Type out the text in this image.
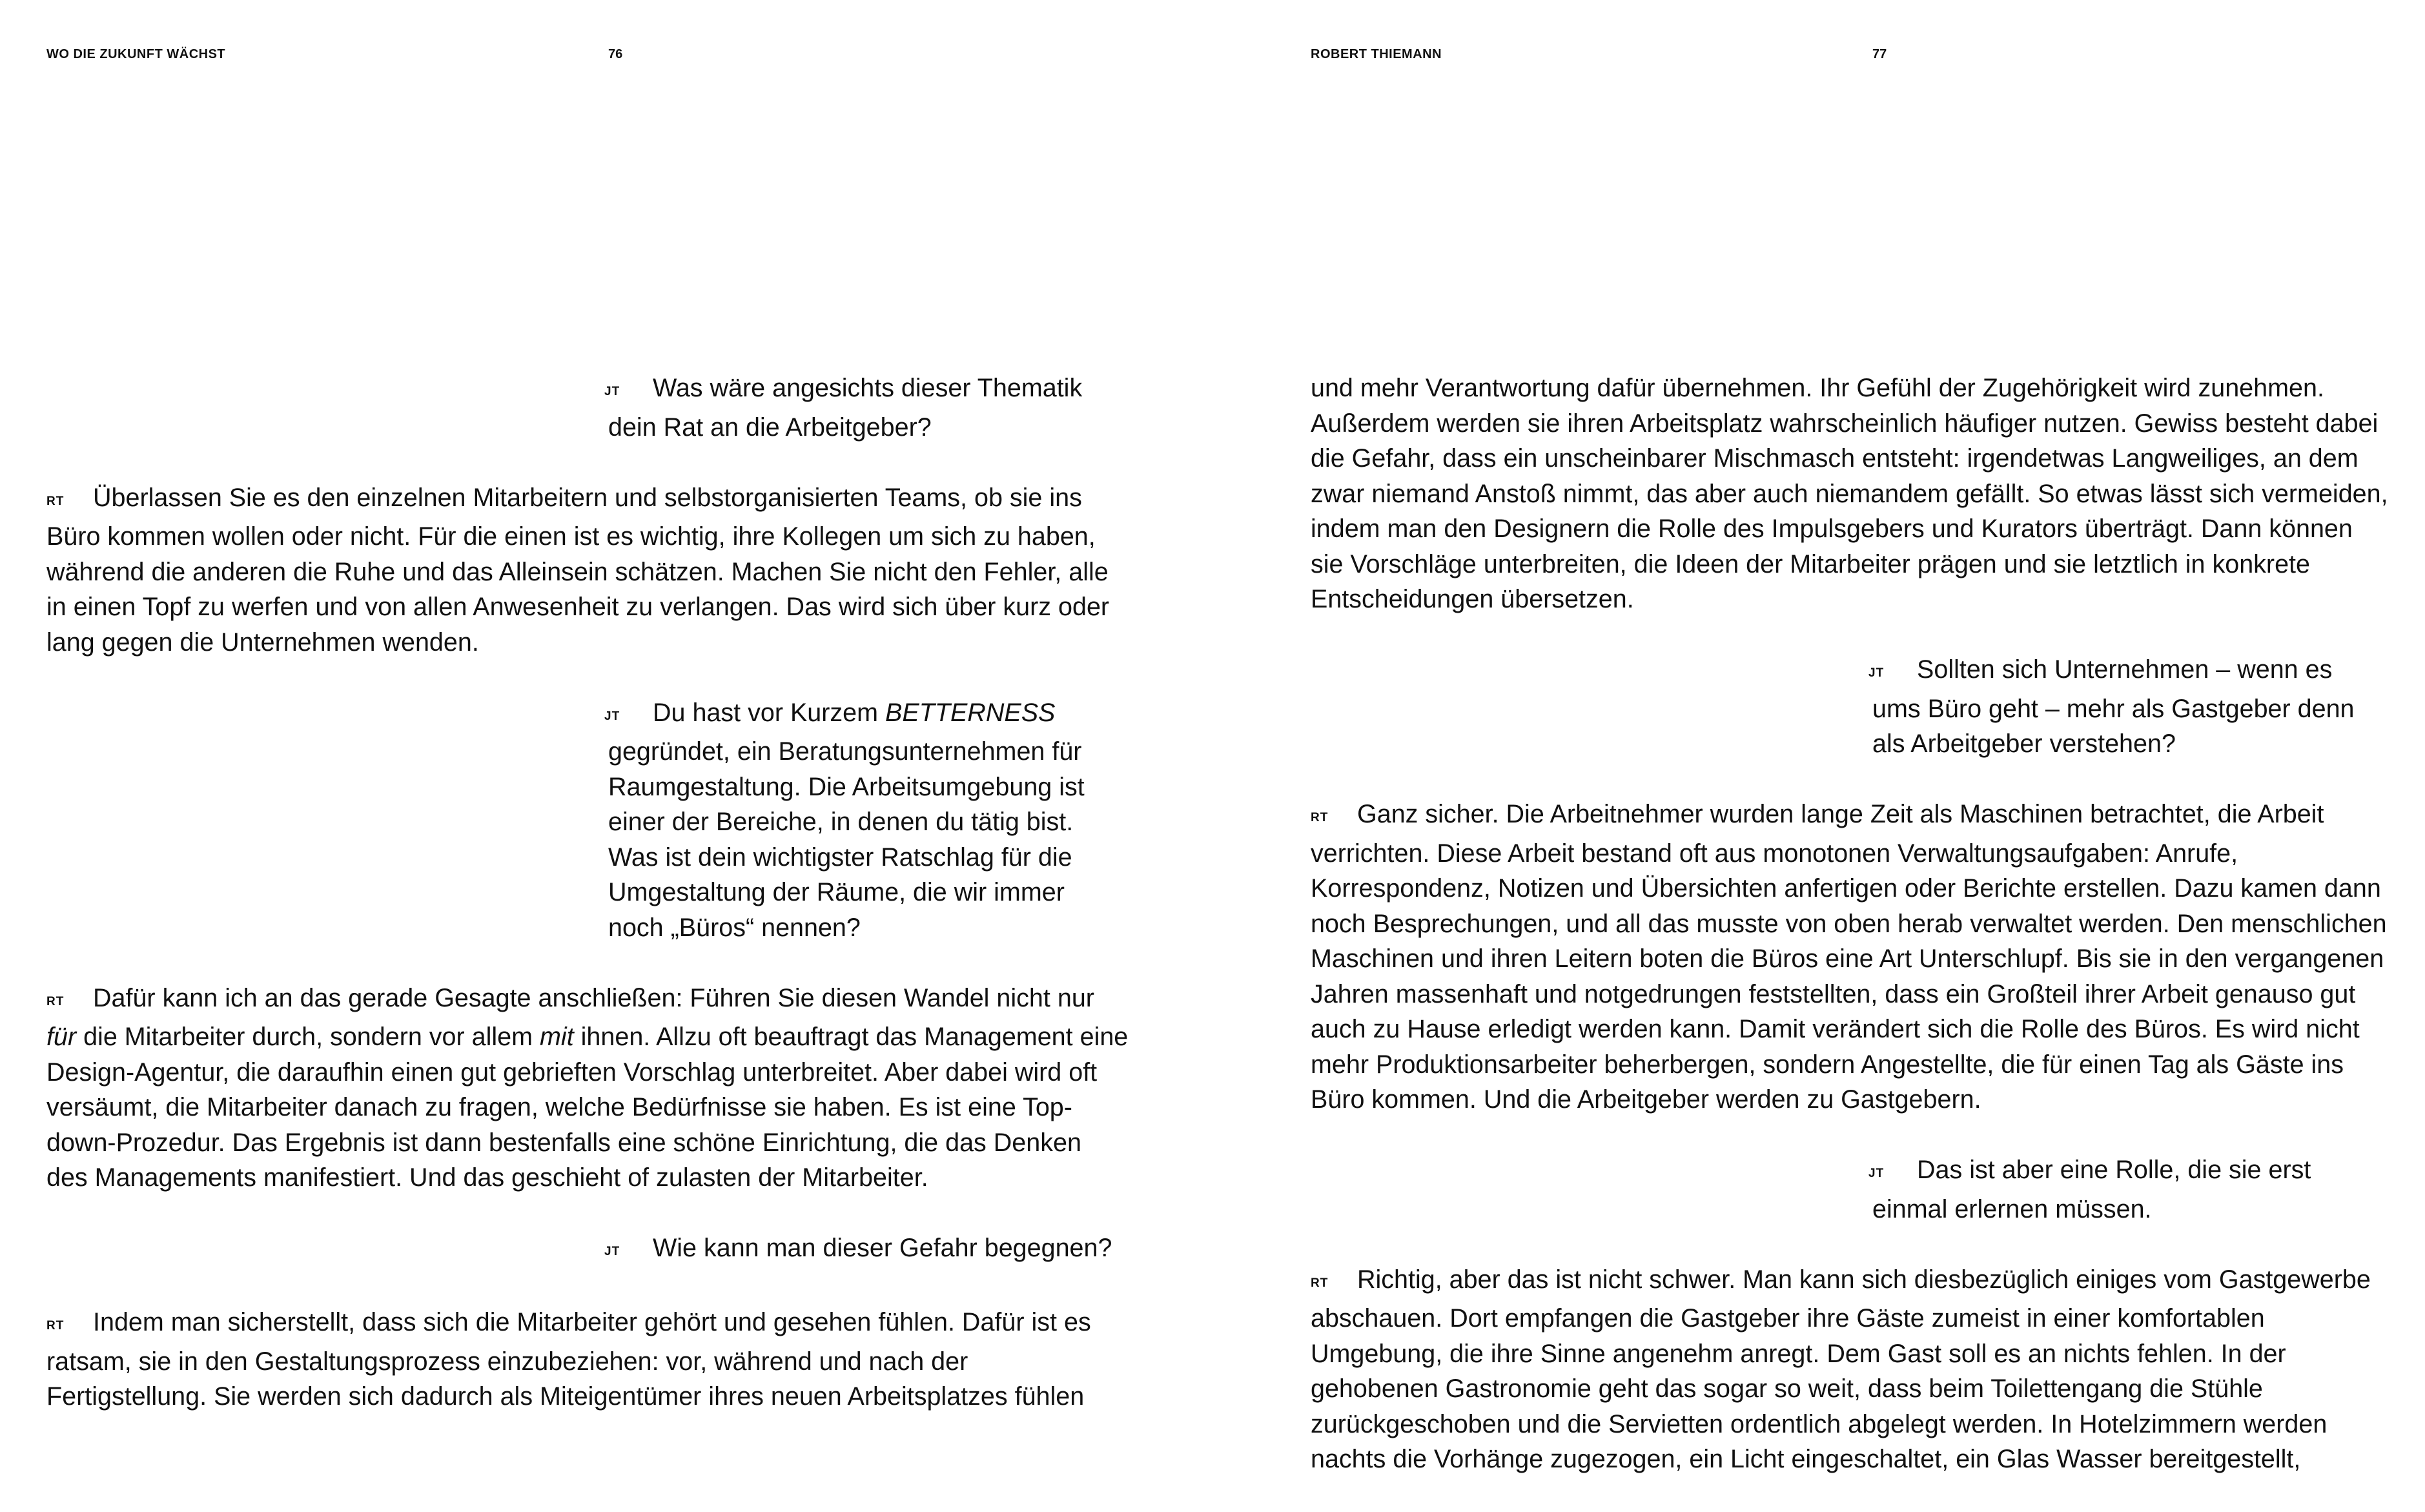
WO DIE ZUKUNFT WÄCHST	76

JT Was wäre angesichts dieser Thematik dein Rat an die Arbeitgeber?

RT Überlassen Sie es den einzelnen Mitarbeitern und selbstorganisierten Teams, ob sie ins Büro kommen wollen oder nicht. Für die einen ist es wichtig, ihre Kollegen um sich zu haben, während die anderen die Ruhe und das Alleinsein schätzen. Machen Sie nicht den Fehler, alle in einen Topf zu werfen und von allen Anwesenheit zu verlangen. Das wird sich über kurz oder lang gegen die Unternehmen wenden.

JT Du hast vor Kurzem BETTERNESS gegründet, ein Beratungsunternehmen für Raumgestaltung. Die Arbeitsumgebung ist einer der Bereiche, in denen du tätig bist. Was ist dein wichtigster Ratschlag für die Umgestaltung der Räume, die wir immer noch „Büros“ nennen?

RT Dafür kann ich an das gerade Gesagte anschließen: Führen Sie diesen Wandel nicht nur für die Mitarbeiter durch, sondern vor allem mit ihnen. Allzu oft beauftragt das Management eine Design-Agentur, die daraufhin einen gut gebrieften Vorschlag unterbreitet. Aber dabei wird oft versäumt, die Mitarbeiter danach zu fragen, welche Bedürfnisse sie haben. Es ist eine Top-down-Prozedur. Das Ergebnis ist dann bestenfalls eine schöne Einrichtung, die das Denken des Managements manifestiert. Und das geschieht of zulasten der Mitarbeiter.

JT Wie kann man dieser Gefahr begegnen?

RT Indem man sicherstellt, dass sich die Mitarbeiter gehört und gesehen fühlen. Dafür ist es ratsam, sie in den Gestaltungsprozess einzubeziehen: vor, während und nach der Fertigstellung. Sie werden sich dadurch als Miteigentümer ihres neuen Arbeitsplatzes fühlen

ROBERT THIEMANN	77

und mehr Verantwortung dafür übernehmen. Ihr Gefühl der Zugehörigkeit wird zunehmen. Außerdem werden sie ihren Arbeitsplatz wahrscheinlich häufiger nutzen. Gewiss besteht dabei die Gefahr, dass ein unscheinbarer Mischmasch entsteht: irgendetwas Langweiliges, an dem zwar niemand Anstoß nimmt, das aber auch niemandem gefällt. So etwas lässt sich vermeiden, indem man den Designern die Rolle des Impulsgebers und Kurators überträgt. Dann können sie Vorschläge unterbreiten, die Ideen der Mitarbeiter prägen und sie letztlich in konkrete Entscheidungen übersetzen.

JT Sollten sich Unternehmen – wenn es ums Büro geht – mehr als Gastgeber denn als Arbeitgeber verstehen?

RT Ganz sicher. Die Arbeitnehmer wurden lange Zeit als Maschinen betrachtet, die Arbeit verrichten. Diese Arbeit bestand oft aus monotonen Verwaltungsaufgaben: Anrufe, Korrespondenz, Notizen und Übersichten anfertigen oder Berichte erstellen. Dazu kamen dann noch Besprechungen, und all das musste von oben herab verwaltet werden. Den menschlichen Maschinen und ihren Leitern boten die Büros eine Art Unterschlupf. Bis sie in den vergangenen Jahren massenhaft und notgedrungen feststellten, dass ein Großteil ihrer Arbeit genauso gut auch zu Hause erledigt werden kann. Damit verändert sich die Rolle des Büros. Es wird nicht mehr Produktionsarbeiter beherbergen, sondern Angestellte, die für einen Tag als Gäste ins Büro kommen. Und die Arbeitgeber werden zu Gastgebern.

JT Das ist aber eine Rolle, die sie erst einmal erlernen müssen.

RT Richtig, aber das ist nicht schwer. Man kann sich diesbezüglich einiges vom Gastgewerbe abschauen. Dort empfangen die Gastgeber ihre Gäste zumeist in einer komfortablen Umgebung, die ihre Sinne angenehm anregt. Dem Gast soll es an nichts fehlen. In der gehobenen Gastronomie geht das sogar so weit, dass beim Toilettengang die Stühle zurückgeschoben und die Servietten ordentlich abgelegt werden. In Hotelzimmern werden nachts die Vorhänge zugezogen, ein Licht eingeschaltet, ein Glas Wasser bereitgestellt,
